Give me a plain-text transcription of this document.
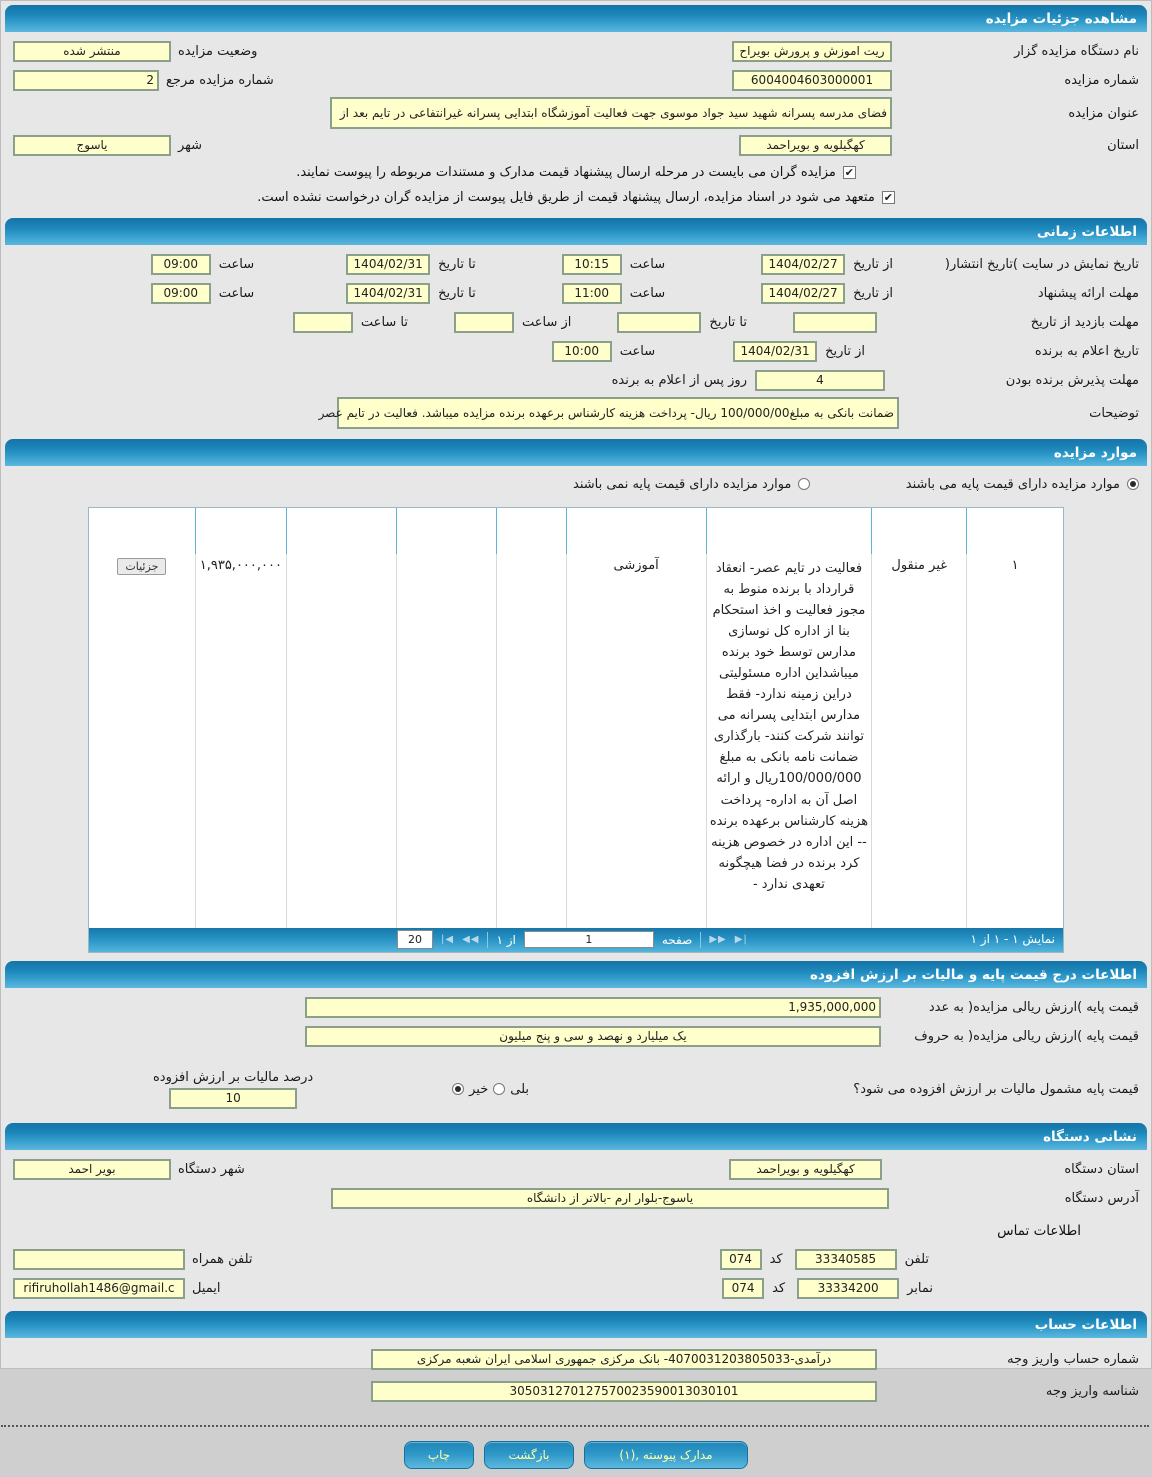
مشاهده جزئیات مزایده
نام دستگاه مزایده گزار
ریت اموزش و پرورش بویراح
وضعیت مزایده
منتشر شده
شماره مزایده
6004004603000001
شماره مزایده مرجع
2
عنوان مزایده
فضای مدرسه پسرانه شهید سید جواد موسوی جهت فعالیت آموزشگاه ابتدایی پسرانه غیرانتفاعی در تایم بعد از
استان
کهگیلویه و بویراحمد
شهر
یاسوج
✔
مزایده گران می بایست در مرحله ارسال پیشنهاد قیمت مدارک و مستندات مربوطه را پیوست نمایند.
✔
متعهد می شود در اسناد مزایده، ارسال پیشنهاد قیمت از طریق فایل پیوست از مزایده گران درخواست نشده است.
اطلاعات زمانی
تاریخ نمایش در سایت )تاریخ انتشار(
از تاریخ
1404/02/27
ساعت
10:15
تا تاریخ
1404/02/31
ساعت
09:00
مهلت ارائه پیشنهاد
از تاریخ
1404/02/27
ساعت
11:00
تا تاریخ
1404/02/31
ساعت
09:00
مهلت بازدید از تاریخ
تا تاریخ
از ساعت
تا ساعت
تاریخ اعلام به برنده
از تاریخ
1404/02/31
ساعت
10:00
مهلت پذیرش برنده بودن
4
روز پس از اعلام به برنده
توضیحات
ضمانت بانکی به مبلغ100/000/00 ریال- پرداخت هزینه کارشناس برعهده برنده مزایده میباشد. فعالیت در تایم عصر
موارد مزایده
موارد مزایده دارای قیمت پایه می باشند
موارد مزایده دارای قیمت پایه نمی باشند
ردیف	نوع	شرح	گروه کالا/نوع کاربری	واحد شمارش	تعداد/مقدار	قیمت واحد	قیمت کل	مشاهده
۱	غیر منقول	فعالیت در تایم عصر- انعقاد قرارداد با برنده منوط به مجوز فعالیت و اخذ استحکام بنا از اداره کل نوسازی مدارس توسط خود برنده میباشداین اداره مسئولیتی دراین زمینه ندارد- فقط مدارس ابتدایی پسرانه می توانند شرکت کنند- بارگذاری ضمانت نامه بانکی به مبلغ 100/000/000ریال و ارائه اصل آن به اداره- پرداخت هزینه کارشناس برعهده برنده -- این اداره در خصوص هزینه کرد برنده در فضا هیچگونه تعهدی ندارد -	آموزشی				۱,۹۳۵,۰۰۰,۰۰۰	جزئیات
نمایش ۱ - ۱ از ۱
20	|◀ ◀◀ از ۱	1	صفحه ▶▶ ▶|
اطلاعات درج قیمت پایه و مالیات بر ارزش افزوده
قیمت پایه )ارزش ریالی مزایده( به عدد
1,935,000,000
قیمت پایه )ارزش ریالی مزایده( به حروف
یک میلیارد و نهصد و سی و پنج میلیون
قیمت پایه مشمول مالیات بر ارزش افزوده می شود؟
بلی
خیر
درصد مالیات بر ارزش افزوده
10
نشانی دستگاه
استان دستگاه
کهگیلویه و بویراحمد
شهر دستگاه
بویر احمد
آدرس دستگاه
یاسوج-بلوار ارم -بالاتر از دانشگاه
اطلاعات تماس
تلفن
33340585
کد
074
تلفن همراه
نمابر
33334200
کد
074
ایمیل
rifiruhollah1486@gmail.c
اطلاعات حساب
شماره حساب واریز وجه
درآمدی-4070031203805033- بانک مرکزی جمهوری اسلامی ایران شعبه مرکزی
شناسه واریز وجه
305031270127570023590013030101
مدارک پیوسته ,(۱)
بازگشت
چاپ
